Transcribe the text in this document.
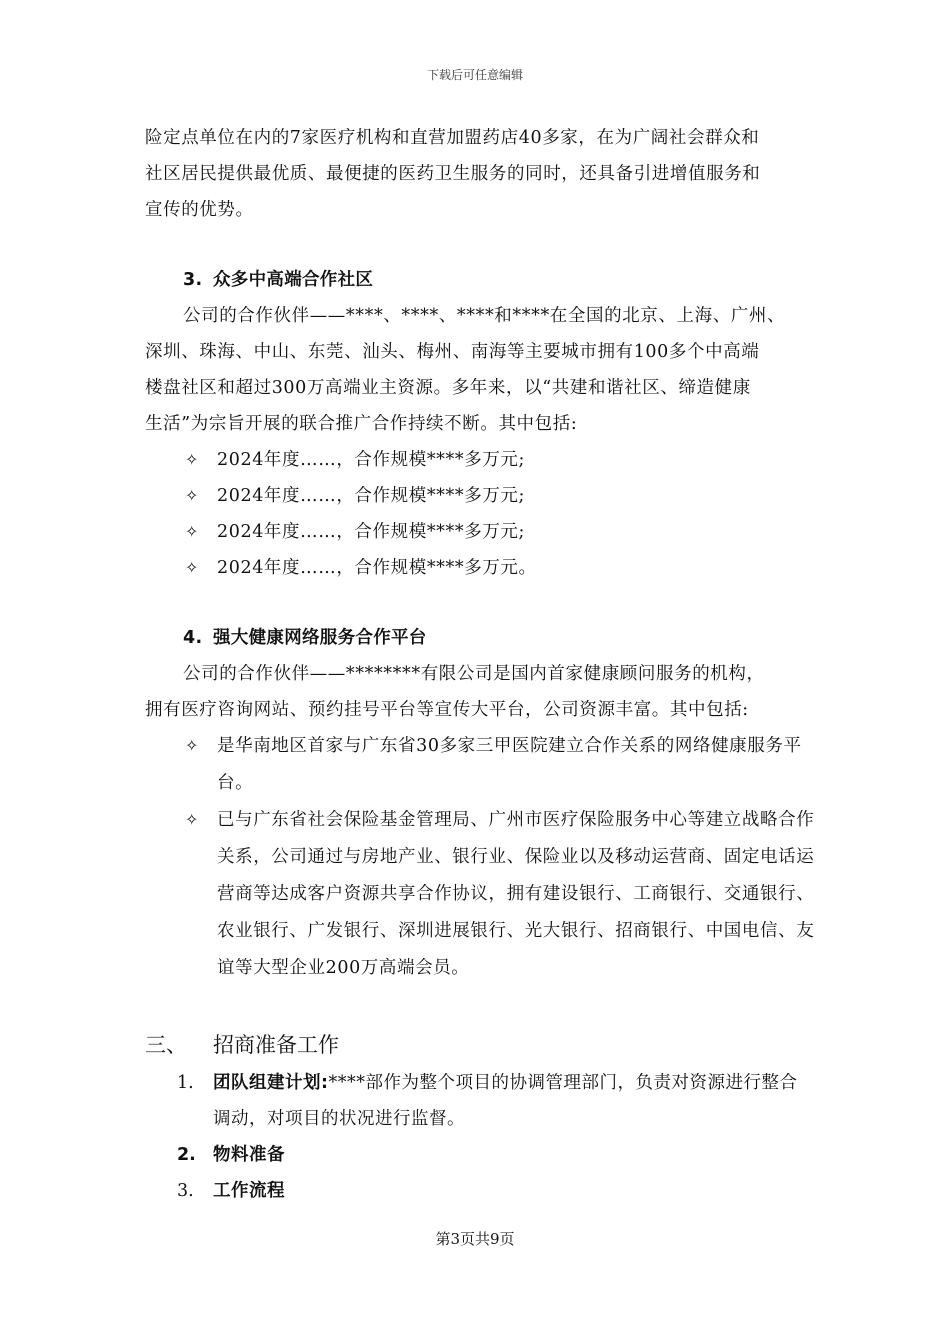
下载后可任意编辑

险定点单位在内的7家医疗机构和直营加盟药店40多家，在为广阔社会群众和

社区居民提供最优质、最便捷的医药卫生服务的同时，还具备引进增值服务和

宣传的优势。

3. 众多中高端合作社区

公司的合作伙伴——****、****、****和****在全国的北京、上海、广州、

深圳、珠海、中山、东莞、汕头、梅州、南海等主要城市拥有100多个中高端

楼盘社区和超过300万高端业主资源。多年来，以“共建和谐社区、缔造健康

生活”为宗旨开展的联合推广合作持续不断。其中包括:

✧	2024年度……，合作规模****多万元;
✧	2024年度……，合作规模****多万元;
✧	2024年度……，合作规模****多万元;
✧	2024年度……，合作规模****多万元。
4. 强大健康网络服务合作平台

公司的合作伙伴——********有限公司是国内首家健康顾问服务的机构，

拥有医疗咨询网站、预约挂号平台等宣传大平台，公司资源丰富。其中包括:

✧	是华南地区首家与广东省30多家三甲医院建立合作关系的网络健康服务平台。
✧	已与广东省社会保险基金管理局、广州市医疗保险服务中心等建立战略合作关系，公司通过与房地产业、银行业、保险业以及移动运营商、固定电话运营商等达成客户资源共享合作协议，拥有建设银行、工商银行、交通银行、农业银行、广发银行、深圳进展银行、光大银行、招商银行、中国电信、友谊等大型企业200万高端会员。
三、	招商准备工作
1.	团队组建计划:****部作为整个项目的协调管理部门，负责对资源进行整合调动，对项目的状况进行监督。
2. 物料准备
3.	工作流程
第3页共9页
